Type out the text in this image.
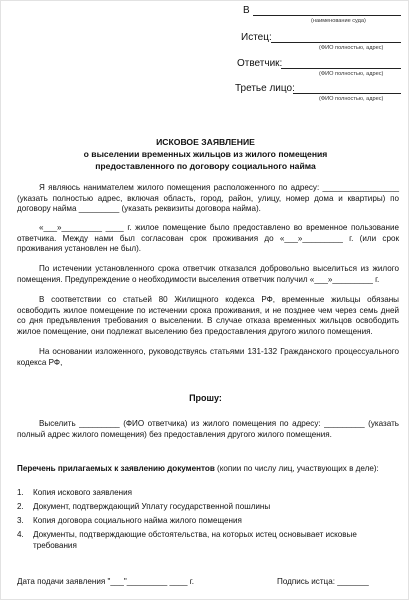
В
(наименование суда)
Истец:
(ФИО полностью, адрес)
Ответчик:
(ФИО полностью, адрес)
Третье лицо:
(ФИО полностью, адрес)
ИСКОВОЕ ЗАЯВЛЕНИЕ
о выселении временных жильцов из жилого помещения
предоставленного по договору социального найма
Я являюсь нанимателем жилого помещения расположенного по адресу: _________________ (указать полностью адрес, включая область, город, район, улицу, номер дома и квартиры) по договору найма _________ (указать реквизиты договора найма).
«___»_________ ____ г. жилое помещение было предоставлено во временное пользование ответчика. Между нами был согласован срок проживания до «___»_________ г. (или срок проживания установлен не был).
По истечении установленного срока ответчик отказался добровольно выселиться из жилого помещения. Предупреждение о необходимости выселения ответчик получил «___»_________ г.
В соответствии со статьей 80 Жилищного кодекса РФ, временные жильцы обязаны освободить жилое помещение по истечении срока проживания, и не позднее чем через семь дней со дня предъявления требования о выселении. В случае отказа временных жильцов освободить жилое помещение, они подлежат выселению без предоставления другого жилого помещения.
На основании изложенного, руководствуясь статьями 131-132 Гражданского процессуального кодекса РФ,
Прошу:
Выселить _________ (ФИО ответчика) из жилого помещения по адресу: _________ (указать полный адрес жилого помещения) без предоставления другого жилого помещения.
Перечень прилагаемых к заявлению документов (копии по числу лиц, участвующих в деле):
1. Копия искового заявления
2. Документ, подтверждающий Уплату государственной пошлины
3. Копия договора социального найма жилого помещения
4. Документы, подтверждающие обстоятельства, на которых истец основывает исковые требования
Дата подачи заявления "___"_________ ____ г.	Подпись истца: _______
